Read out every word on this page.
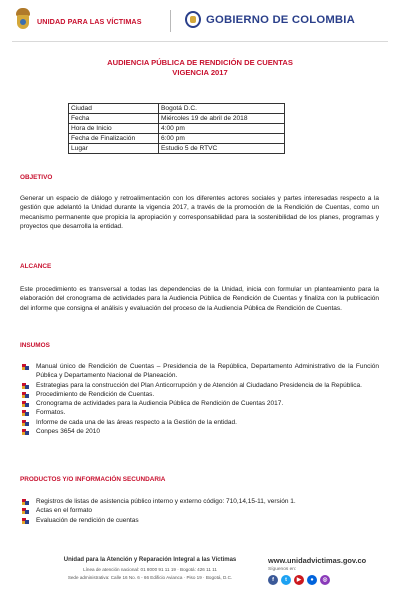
UNIDAD PARA LAS VÍCTIMAS	GOBIERNO DE COLOMBIA
AUDIENCIA PÚBLICA DE RENDICIÓN DE CUENTAS
VIGENCIA 2017
Ciudad	Bogotá D.C.
Fecha	Miércoles 19 de abril de 2018
Hora de Inicio	4:00 pm
Fecha de Finalización	6:00 pm
Lugar	Estudio 5 de RTVC
OBJETIVO

Generar un espacio de diálogo y retroalimentación con los diferentes actores sociales y partes interesadas respecto a la gestión que adelantó la Unidad durante la vigencia 2017, a través de la promoción de la Rendición de Cuentas, como un mecanismo permanente que propicia la apropiación y corresponsabilidad para la sostenibilidad de los planes, programas y proyectos que desarrolla la entidad.

ALCANCE

Este procedimiento es transversal a todas las dependencias de la Unidad, inicia con formular un planteamiento para la elaboración del cronograma de actividades para la Audiencia Pública de Rendición de Cuentas y finaliza con la publicación del informe que consigna el análisis y evaluación del proceso de la Audiencia Pública de Rendición de Cuentas.

INSUMOS
Manual único de Rendición de Cuentas – Presidencia de la República, Departamento Administrativo de la Función Pública y Departamento Nacional de Planeación.
Estrategias para la construcción del Plan Anticorrupción y de Atención al Ciudadano Presidencia de la República.
Procedimiento de Rendición de Cuentas.
Cronograma de actividades para la Audiencia Pública de Rendición de Cuentas 2017.
Formatos.
Informe de cada una de las áreas respecto a la Gestión de la entidad.
Conpes 3654 de 2010
PRODUCTOS Y/O INFORMACIÓN SECUNDARIA
Registros de listas de asistencia público interno y externo código: 710,14,15-11, versión 1.
Actas en el formato
Evaluación de rendición de cuentas
Unidad para la Atención y Reparación Integral a las Víctimas
Línea de atención nacional: 01 8000 91 11 19 · Bogotá: 426 11 11
Sede administrativa: Calle 16 No. 6 - 66 Edificio Avianca · Piso 19 · Bogotá, D.C.
www.unidadvictimas.gov.co
Síguenos en:
f	t	▶	●	◎
